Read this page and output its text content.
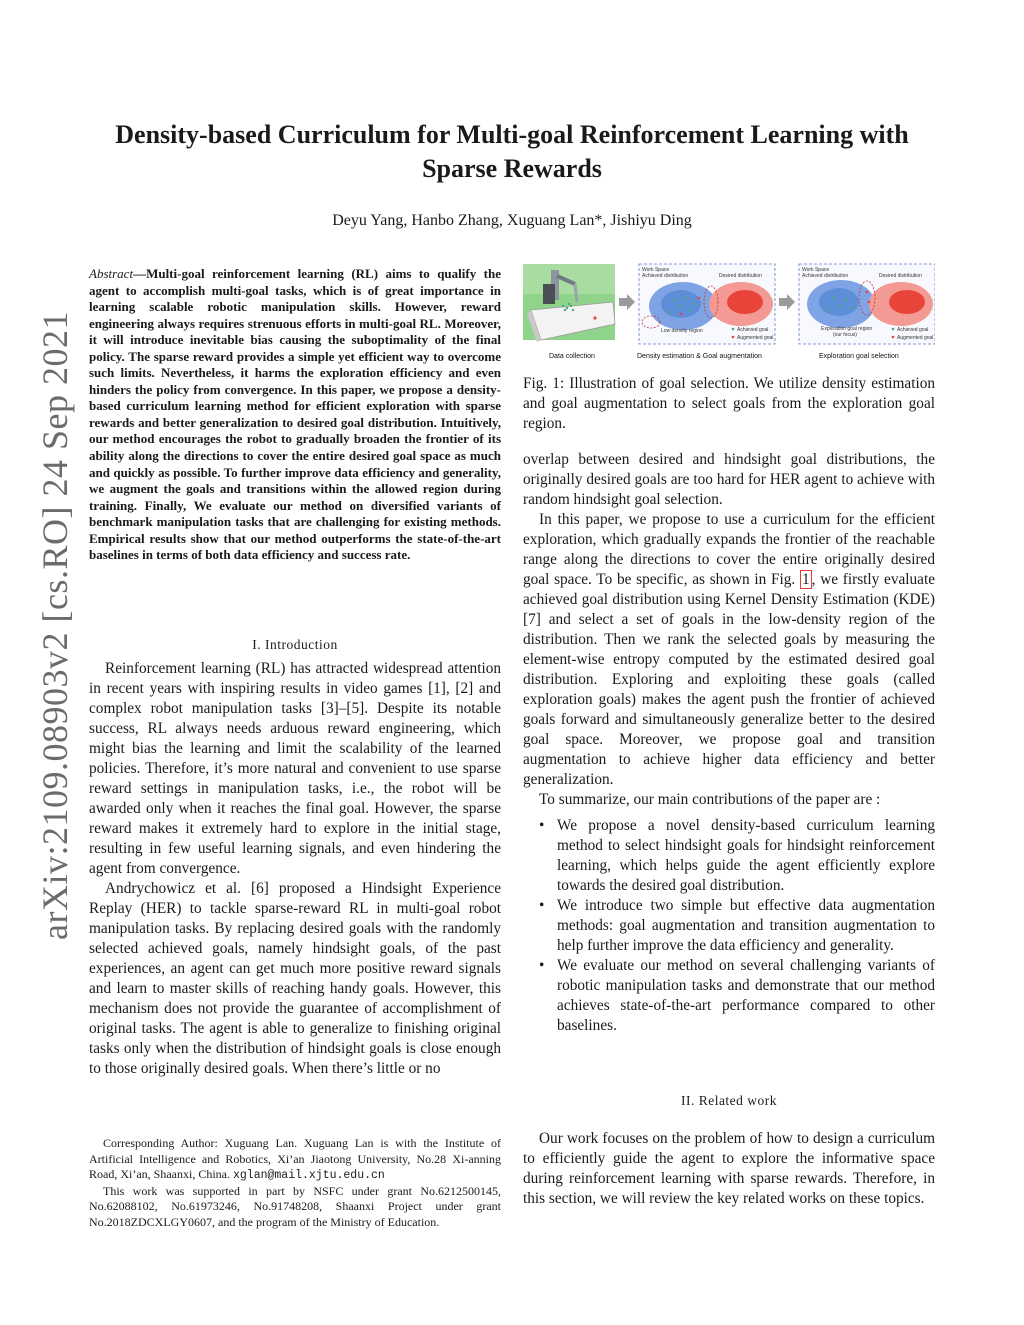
arXiv:2109.08903v2 [cs.RO] 24 Sep 2021
Density-based Curriculum for Multi-goal Reinforcement Learning with Sparse Rewards
Deyu Yang, Hanbo Zhang, Xuguang Lan*, Jishiyu Ding
Abstract—Multi-goal reinforcement learning (RL) aims to qualify the agent to accomplish multi-goal tasks, which is of great importance in learning scalable robotic manipulation skills. However, reward engineering always requires strenuous efforts in multi-goal RL. Moreover, it will introduce inevitable bias causing the suboptimality of the final policy. The sparse reward provides a simple yet efficient way to overcome such limits. Nevertheless, it harms the exploration efficiency and even hinders the policy from convergence. In this paper, we propose a density-based curriculum learning method for efficient exploration with sparse rewards and better generalization to desired goal distribution. Intuitively, our method encourages the robot to gradually broaden the frontier of its ability along the directions to cover the entire desired goal space as much and quickly as possible. To further improve data efficiency and generality, we augment the goals and transitions within the allowed region during training. Finally, We evaluate our method on diversified variants of benchmark manipulation tasks that are challenging for existing methods. Empirical results show that our method outperforms the state-of-the-art baselines in terms of both data efficiency and success rate.
I. Introduction

Reinforcement learning (RL) has attracted widespread attention in recent years with inspiring results in video games [1], [2] and complex robot manipulation tasks [3]–[5]. Despite its notable success, RL always needs arduous reward engineering, which might bias the learning and limit the scalability of the learned policies. Therefore, it’s more natural and convenient to use sparse reward settings in manipulation tasks, i.e., the robot will be awarded only when it reaches the final goal. However, the sparse reward makes it extremely hard to explore in the initial stage, resulting in few useful learning signals, and even hindering the agent from convergence.

Andrychowicz et al. [6] proposed a Hindsight Experience Replay (HER) to tackle sparse-reward RL in multi-goal robot manipulation tasks. By replacing desired goals with the randomly selected achieved goals, namely hindsight goals, of the past experiences, an agent can get much more positive reward signals and learn to master skills of reaching handy goals. However, this mechanism does not provide the guarantee of accomplishment of original tasks. The agent is able to generalize to finishing original tasks only when the distribution of hindsight goals is close enough to those originally desired goals. When there’s little or no

Corresponding Author: Xuguang Lan. Xuguang Lan is with the Institute of Artificial Intelligence and Robotics, Xi’an Jiaotong University, No.28 Xi-anning Road, Xi’an, Shaanxi, China. xglan@mail.xjtu.edu.cn

This work was supported in part by NSFC under grant No.6212500145, No.62088102, No.61973246, No.91748208, Shaanxi Project under grant No.2018ZDCXLGY0607, and the program of the Ministry of Education.

Work Space
Achieved distribution	Desired distribution
Low density region	Achieved goal
Augmented goal
Work Space
Achieved distribution	Desired distribution
Exploration goal region
(our focus)
Achieved goal
Augmented goal
Data collection	Density estimation & Goal augmentation	Exploration goal selection
Fig. 1: Illustration of goal selection. We utilize density estimation and goal augmentation to select goals from the exploration goal region.

overlap between desired and hindsight goal distributions, the originally desired goals are too hard for HER agent to achieve with random hindsight goal selection.

In this paper, we propose to use a curriculum for the efficient exploration, which gradually expands the frontier of the reachable range along the directions to cover the entire originally desired goal space. To be specific, as shown in Fig. 1 , we firstly evaluate achieved goal distribution using Kernel Density Estimation (KDE) [7] and select a set of goals in the low-density region of the distribution. Then we rank the selected goals by measuring the element-wise entropy computed by the estimated desired goal distribution. Exploring and exploiting these goals (called exploration goals) makes the agent push the frontier of achieved goals forward and simultaneously generalize better to the desired goal space. Moreover, we propose goal and transition augmentation to achieve higher data efficiency and better generalization.

To summarize, our main contributions of the paper are :

• We propose a novel density-based curriculum learning method to select hindsight goals for hindsight reinforcement learning, which helps guide the agent efficiently explore towards the desired goal distribution.
• We introduce two simple but effective data augmentation methods: goal augmentation and transition augmentation to help further improve the data efficiency and generality.
• We evaluate our method on several challenging variants of robotic manipulation tasks and demonstrate that our method achieves state-of-the-art performance compared to other baselines.
II. Related work

Our work focuses on the problem of how to design a curriculum to efficiently guide the agent to explore the informative space during reinforcement learning with sparse rewards. Therefore, in this section, we will review the key related works on these topics.
